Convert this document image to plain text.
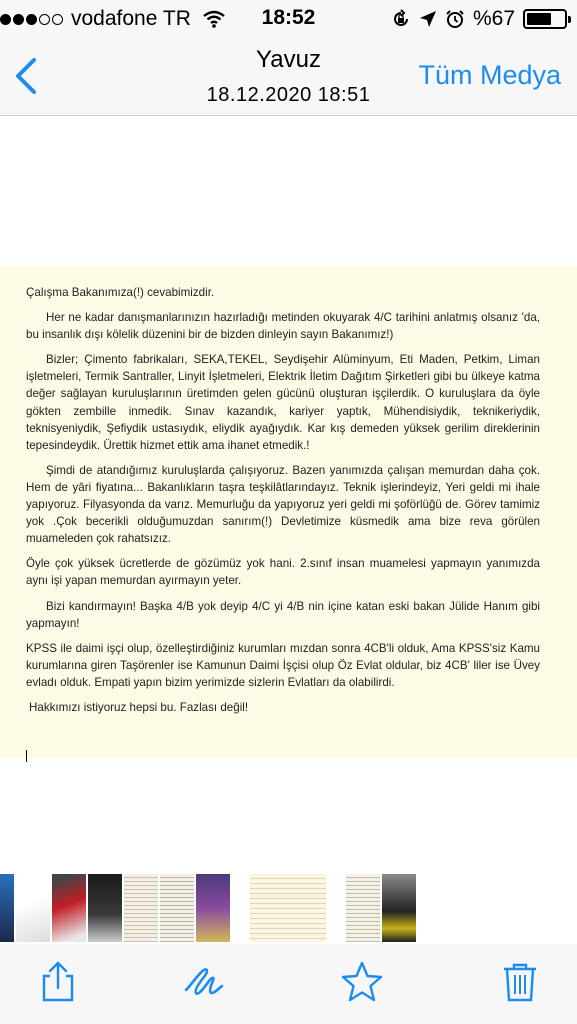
vodafone TR	18:52	%67
Yavuz
18.12.2020 18:51
Tüm Medya

Çalışma Bakanımıza(!) cevabimizdir.

Her ne kadar danışmanlarınızın hazırladığı metinden okuyarak 4/C tarihini anlatmış olsanız 'da, bu insanlık dışı kölelik düzenini bir de bizden dinleyin sayın Bakanımız!)

Bizler; Çimento fabrikaları, SEKA,TEKEL, Seydişehir Alüminyum, Eti Maden, Petkim, Liman işletmeleri, Termik Santraller, Linyit İşletmeleri, Elektrik İletim Dağıtım Şirketleri gibi bu ülkeye katma değer sağlayan kuruluşlarının üretimden gelen gücünü oluşturan işçilerdik. O kuruluşlara da öyle gökten zembille inmedik. Sınav kazandık, kariyer yaptık, Mühendisiydik, teknikeriydik, teknisyeniydik, Şefiydik ustasıydık, eliydik ayağıydık. Kar kış demeden yüksek gerilim direklerinin tepesindeydik. Ürettik hizmet ettik ama ihanet etmedik.!

Şimdi de atandığımız kuruluşlarda çalışıyoruz. Bazen yanımızda çalışan memurdan daha çok. Hem de yâri fiyatına... Bakanlıkların taşra teşkilâtlarındayız. Teknik işlerindeyiz, Yeri geldi mi ihale yapıyoruz. Filyasyonda da varız. Memurluğu da yapıyoruz yeri geldi mi şoförlüğü de. Görev tamimiz yok .Çok becerikli olduğumuzdan sanırım(!) Devletimize küsmedik ama bize reva görülen muameleden çok rahatsızız.

Öyle çok yüksek ücretlerde de gözümüz yok hani. 2.sınıf insan muamelesi yapmayın yanımızda aynı işi yapan memurdan ayırmayın yeter.

Bizi kandırmayın! Başka 4/B yok deyip 4/C yi 4/B nin içine katan eski bakan Jülide Hanım gibi yapmayın!

KPSS ile daimi işçi olup, özelleştirdiğiniz kurumları mızdan sonra 4CB'li olduk, Ama KPSS'siz Kamu kurumlarına giren Taşörenler ise Kamunun Daimi İşçisi olup Öz Evlat oldular, biz 4CB' liler ise Üvey evladı olduk. Empati yapın bizim yerimizde sizlerin Evlatları da olabilirdi.

Hakkımızı istiyoruz hepsi bu. Fazlası değil!
